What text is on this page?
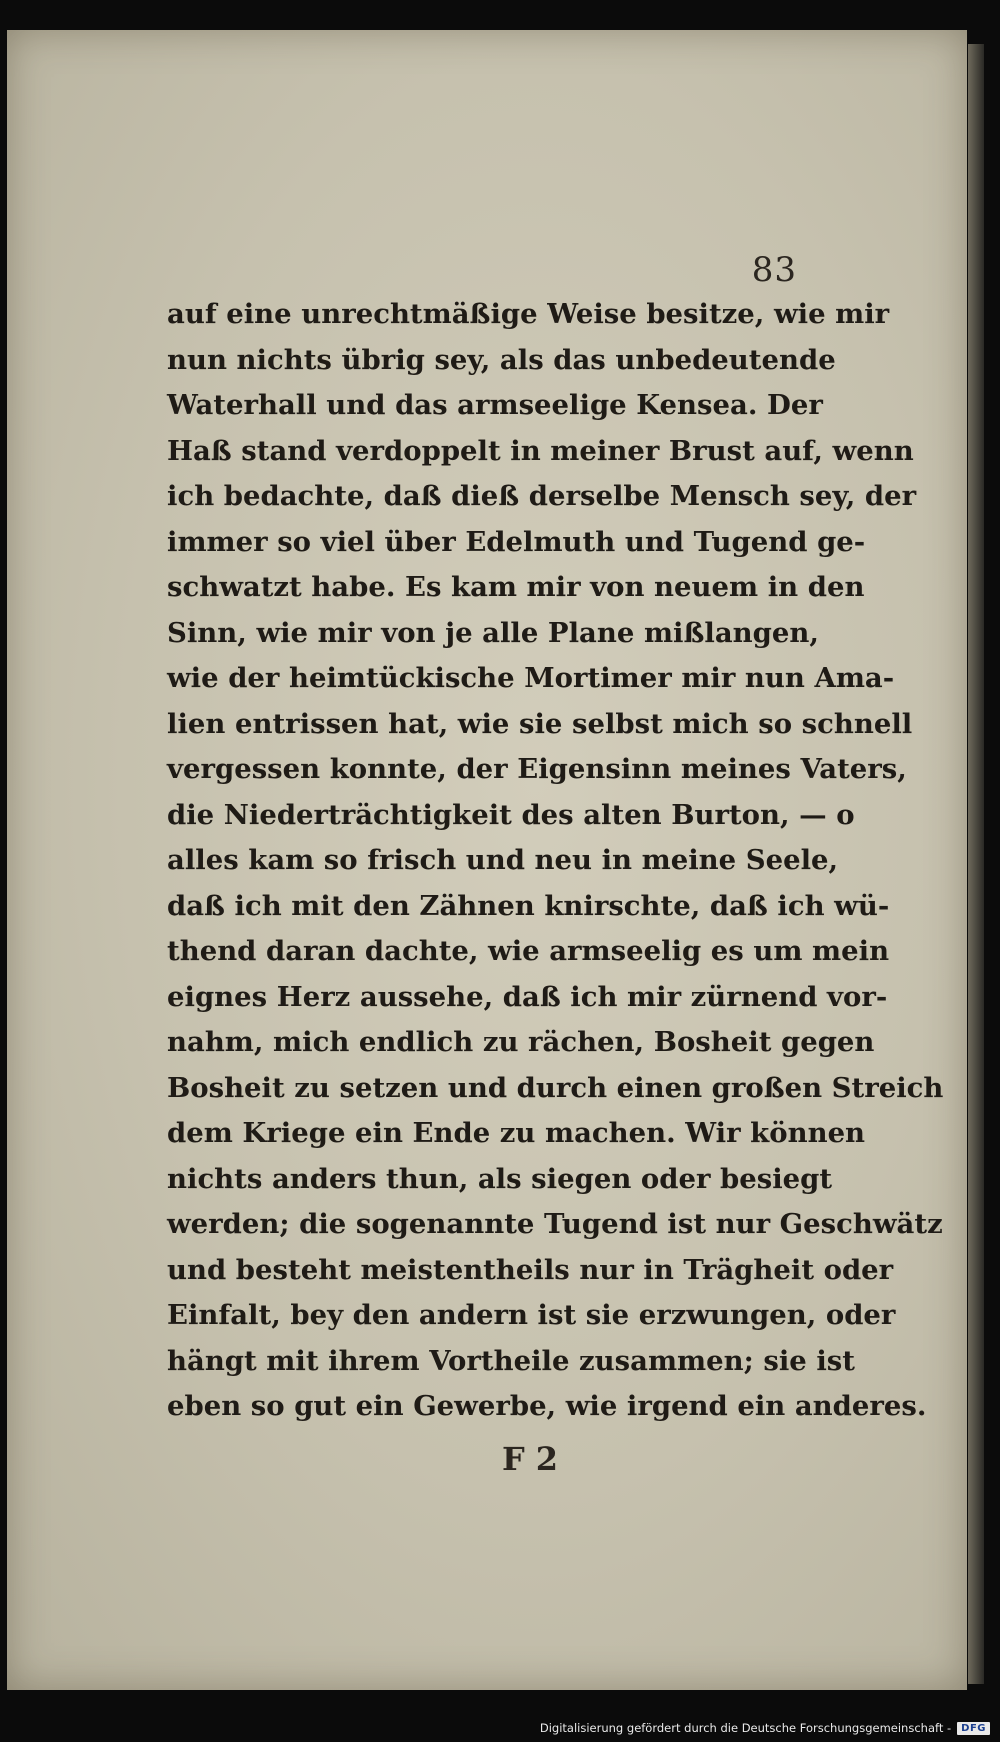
83
auf eine unrechtmäßige Weise besitze, wie mir
nun nichts übrig sey, als das unbedeutende
Waterhall und das armseelige Kensea. Der
Haß stand verdoppelt in meiner Brust auf, wenn
ich bedachte, daß dieß derselbe Mensch sey, der
immer so viel über Edelmuth und Tugend ge-
schwatzt habe. Es kam mir von neuem in den
Sinn, wie mir von je alle Plane mißlangen,
wie der heimtückische Mortimer mir nun Ama-
lien entrissen hat, wie sie selbst mich so schnell
vergessen konnte, der Eigensinn meines Vaters,
die Niederträchtigkeit des alten Burton, — o
alles kam so frisch und neu in meine Seele,
daß ich mit den Zähnen knirschte, daß ich wü-
thend daran dachte, wie armseelig es um mein
eignes Herz aussehe, daß ich mir zürnend vor-
nahm, mich endlich zu rächen, Bosheit gegen
Bosheit zu setzen und durch einen großen Streich
dem Kriege ein Ende zu machen. Wir können
nichts anders thun, als siegen oder besiegt
werden; die sogenannte Tugend ist nur Geschwätz
und besteht meistentheils nur in Trägheit oder
Einfalt, bey den andern ist sie erzwungen, oder
hängt mit ihrem Vortheile zusammen; sie ist
eben so gut ein Gewerbe, wie irgend ein anderes.
F 2
Digitalisierung gefördert durch die Deutsche Forschungsgemeinschaft -	DFG
